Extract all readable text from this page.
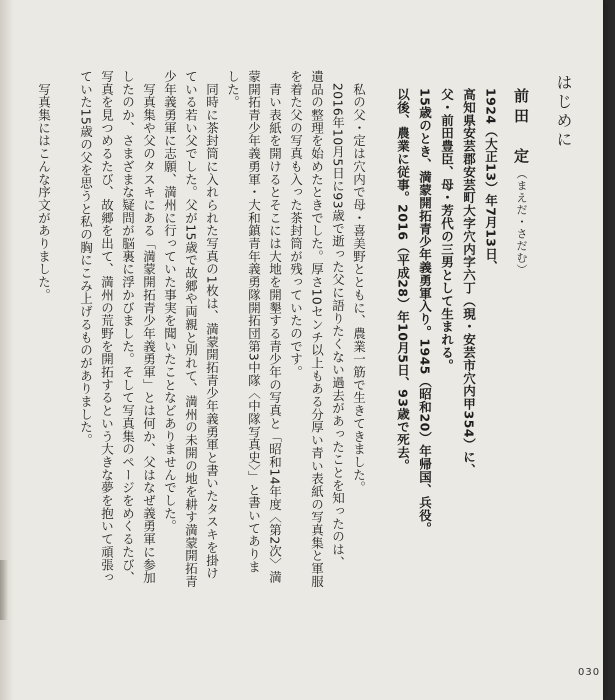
はじめに
前田　定（まえだ・さだむ）
1924（大正13）年7月13日、
高知県安芸郡安芸町大字穴内字六丁（現・安芸市穴内甲354）に、
父・前田豊臣、母・芳代の三男として生まれる。
15歳のとき、満蒙開拓青少年義勇軍入り。1945（昭和20）年帰国、兵役。
以後、農業に従事。2016（平成28）年10月5日、93歳で死去。
　私の父・定は穴内で母・喜美野とともに、農業一筋で生きてきました。
　2016年10月5日に93歳で逝った父に語りたくない過去があったことを知ったのは、
遺品の整理を始めたときでした。厚さ10センチ以上もある分厚い青い表紙の写真集と軍服
を着た父の写真も入った茶封筒が残っていたのです。
　青い表紙を開けるとそこには大地を開墾する青少年の写真と「昭和14年度〈第2次〉満
蒙開拓青少年義勇軍・大和鎮青年義勇隊開拓団第3中隊〈中隊写真史〉」と書いてありま
した。
　同時に茶封筒に入れられた写真の1枚は、満蒙開拓青少年義勇軍と書いたタスキを掛け
ている若い父でした。父が15歳で故郷や両親と別れて、満州の未開の地を耕す満蒙開拓青
少年義勇軍に志願、満州に行っていた事実を聞いたことなどありませんでした。
　写真集や父のタスキにある「満蒙開拓青少年義勇軍」とは何か、父はなぜ義勇軍に参加
したのか、さまざまな疑問が脳裏に浮かびました。そして写真集のページをめくるたび、
写真を見つめるたび、故郷を出て、満州の荒野を開拓するという大きな夢を抱いて頑張っ
ていた15歳の父を思うと私の胸にこみ上げるものがありました。
　写真集にはこんな序文がありました。
030
